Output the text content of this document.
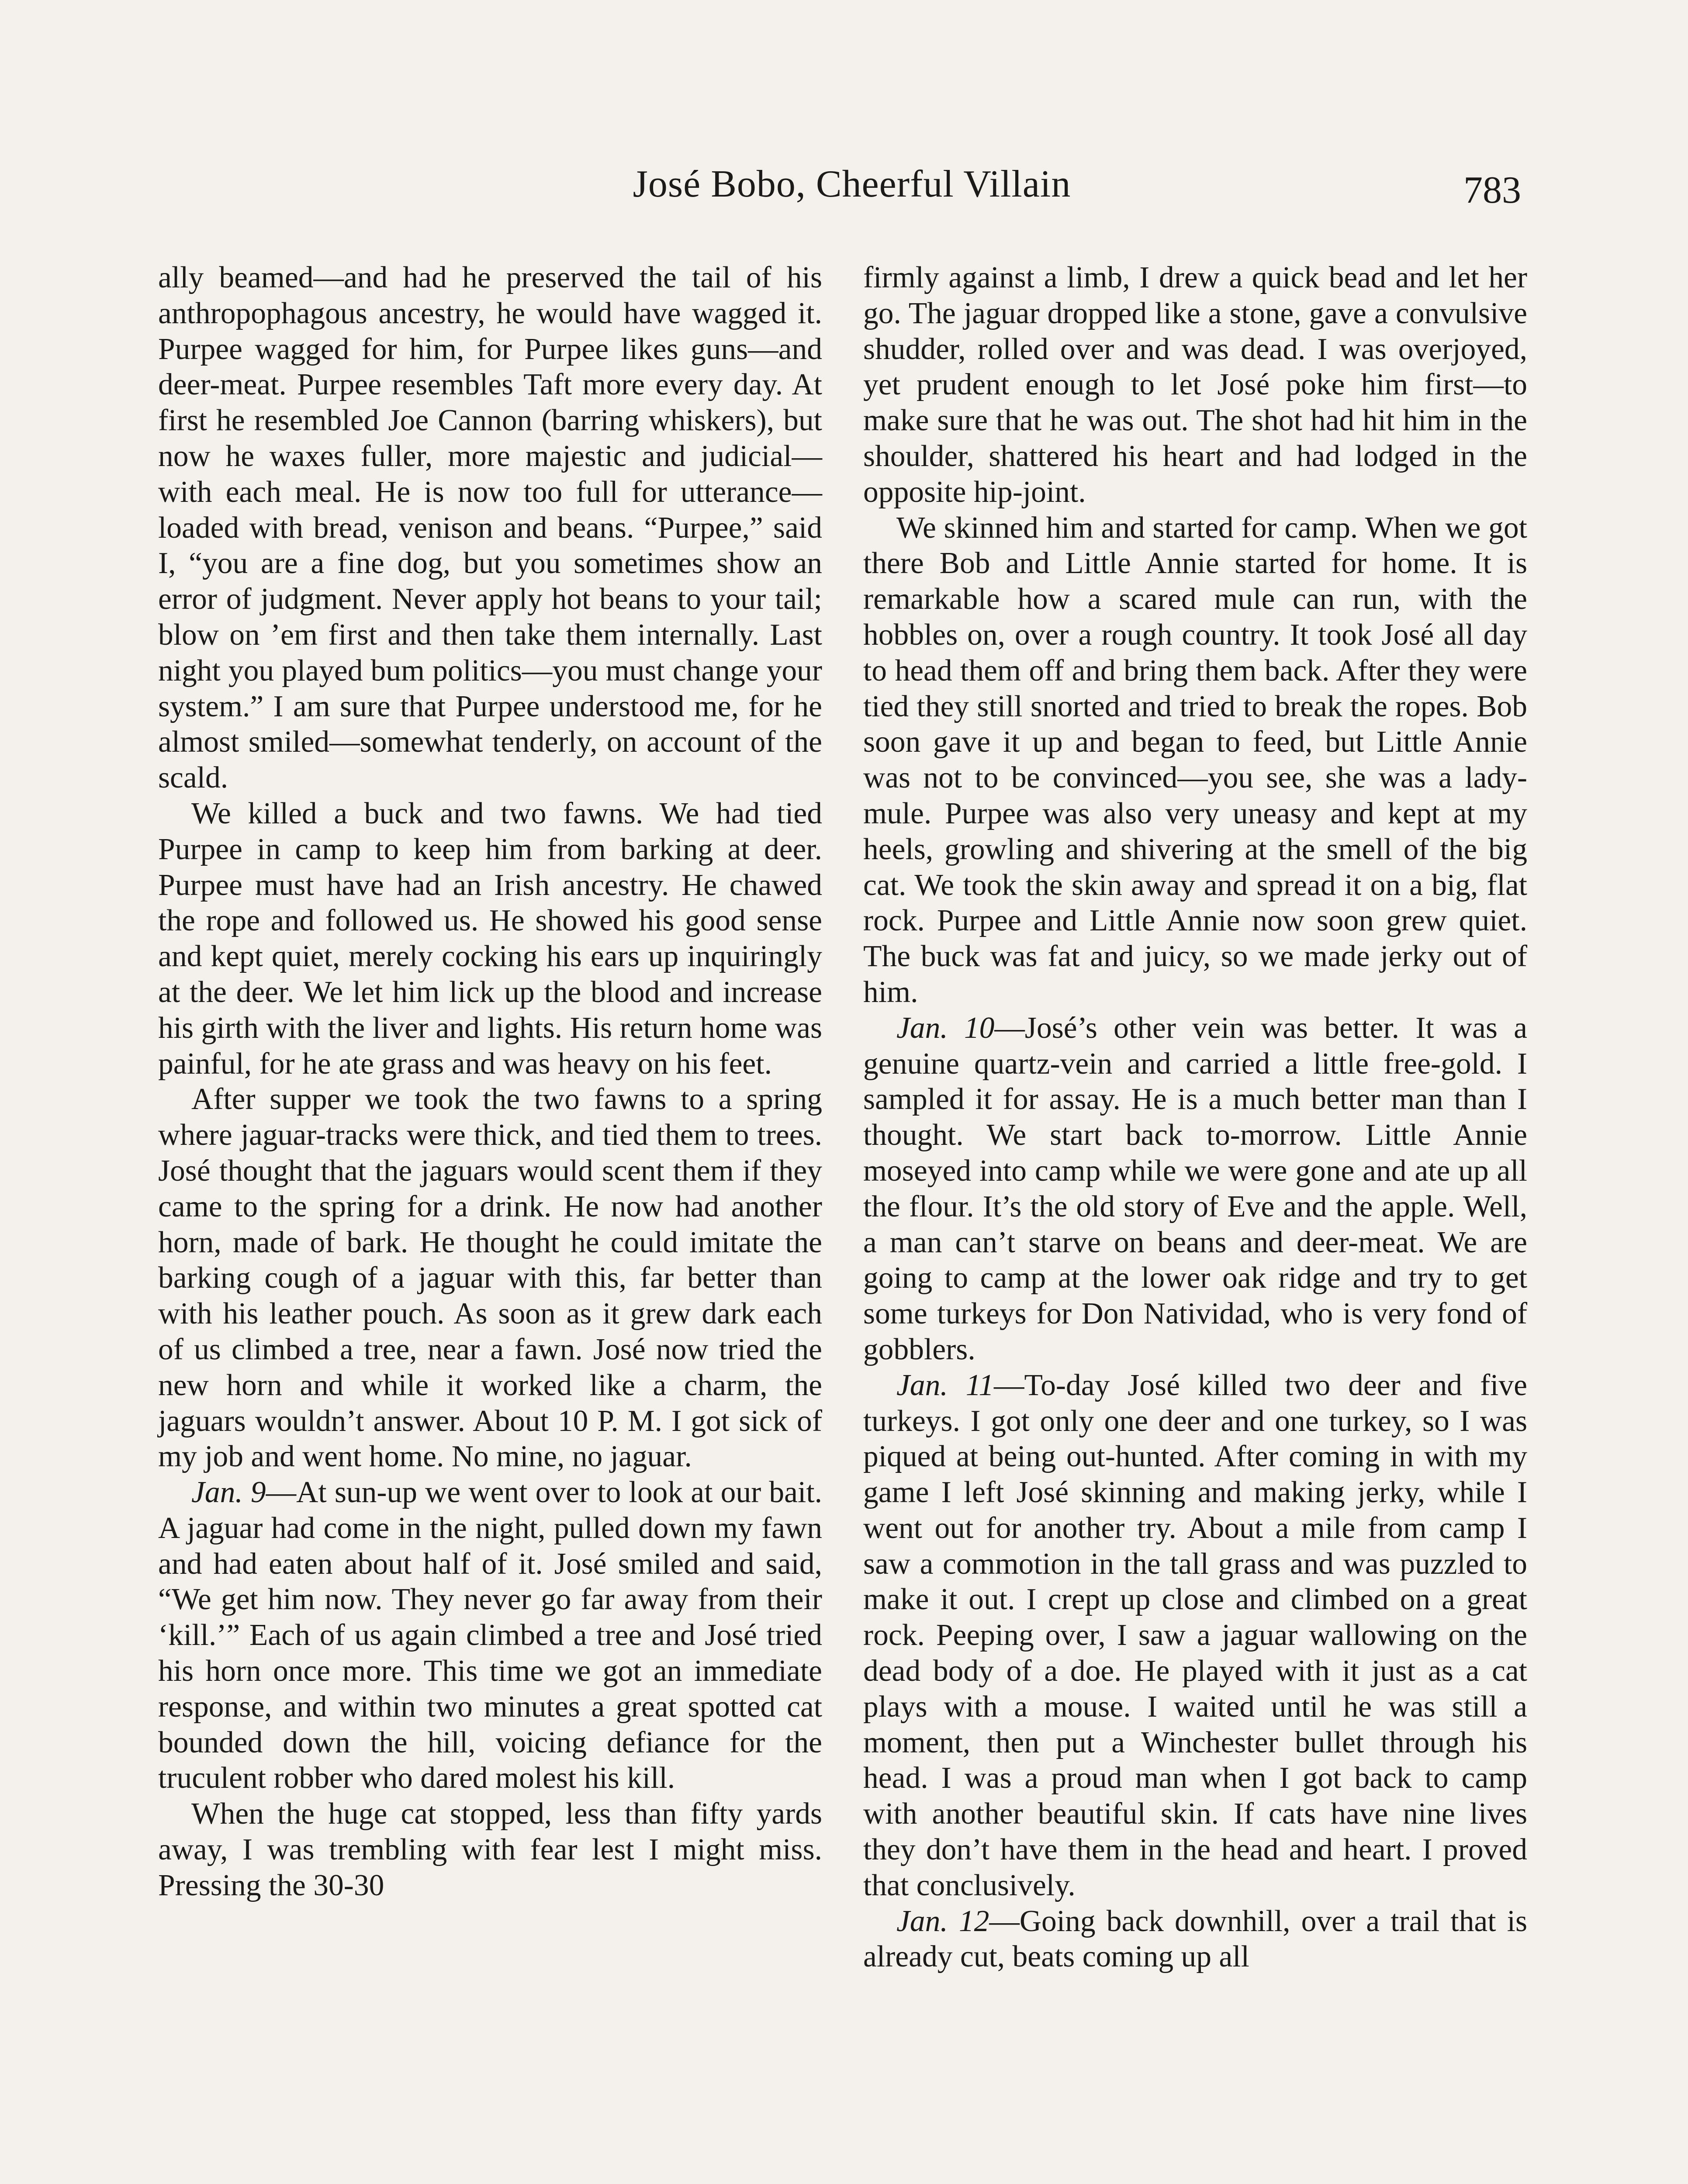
José Bobo, Cheerful Villain	783

ally beamed—and had he preserved the tail of his anthropophagous ancestry, he would have wagged it. Purpee wagged for him, for Purpee likes guns—and deer-meat. Purpee resembles Taft more every day. At first he resembled Joe Cannon (barring whiskers), but now he waxes fuller, more majestic and judicial—with each meal. He is now too full for utterance—loaded with bread, venison and beans. “Purpee,” said I, “you are a fine dog, but you sometimes show an error of judgment. Never apply hot beans to your tail; blow on ’em first and then take them internally. Last night you played bum politics—you must change your system.” I am sure that Purpee understood me, for he almost smiled—somewhat tenderly, on account of the scald.

We killed a buck and two fawns. We had tied Purpee in camp to keep him from barking at deer. Purpee must have had an Irish ancestry. He chawed the rope and followed us. He showed his good sense and kept quiet, merely cocking his ears up inquiringly at the deer. We let him lick up the blood and increase his girth with the liver and lights. His return home was painful, for he ate grass and was heavy on his feet.

After supper we took the two fawns to a spring where jaguar-tracks were thick, and tied them to trees. José thought that the jaguars would scent them if they came to the spring for a drink. He now had another horn, made of bark. He thought he could imitate the barking cough of a jaguar with this, far better than with his leather pouch. As soon as it grew dark each of us climbed a tree, near a fawn. José now tried the new horn and while it worked like a charm, the jaguars wouldn’t answer. About 10 P. M. I got sick of my job and went home. No mine, no jaguar.

Jan. 9—At sun-up we went over to look at our bait. A jaguar had come in the night, pulled down my fawn and had eaten about half of it. José smiled and said, “We get him now. They never go far away from their ‘kill.’” Each of us again climbed a tree and José tried his horn once more. This time we got an immediate response, and within two minutes a great spotted cat bounded down the hill, voicing defiance for the truculent robber who dared molest his kill.

When the huge cat stopped, less than fifty yards away, I was trembling with fear lest I might miss. Pressing the 30-30

firmly against a limb, I drew a quick bead and let her go. The jaguar dropped like a stone, gave a convulsive shudder, rolled over and was dead. I was overjoyed, yet prudent enough to let José poke him first—to make sure that he was out. The shot had hit him in the shoulder, shattered his heart and had lodged in the opposite hip-joint.

We skinned him and started for camp. When we got there Bob and Little Annie started for home. It is remarkable how a scared mule can run, with the hobbles on, over a rough country. It took José all day to head them off and bring them back. After they were tied they still snorted and tried to break the ropes. Bob soon gave it up and began to feed, but Little Annie was not to be convinced—you see, she was a lady-mule. Purpee was also very uneasy and kept at my heels, growling and shivering at the smell of the big cat. We took the skin away and spread it on a big, flat rock. Purpee and Little Annie now soon grew quiet. The buck was fat and juicy, so we made jerky out of him.

Jan. 10—José’s other vein was better. It was a genuine quartz-vein and carried a little free-gold. I sampled it for assay. He is a much better man than I thought. We start back to-morrow. Little Annie moseyed into camp while we were gone and ate up all the flour. It’s the old story of Eve and the apple. Well, a man can’t starve on beans and deer-meat. We are going to camp at the lower oak ridge and try to get some turkeys for Don Natividad, who is very fond of gobblers.

Jan. 11—To-day José killed two deer and five turkeys. I got only one deer and one turkey, so I was piqued at being out-hunted. After coming in with my game I left José skinning and making jerky, while I went out for another try. About a mile from camp I saw a commotion in the tall grass and was puzzled to make it out. I crept up close and climbed on a great rock. Peeping over, I saw a jaguar wallowing on the dead body of a doe. He played with it just as a cat plays with a mouse. I waited until he was still a moment, then put a Winchester bullet through his head. I was a proud man when I got back to camp with another beautiful skin. If cats have nine lives they don’t have them in the head and heart. I proved that conclusively.

Jan. 12—Going back downhill, over a trail that is already cut, beats coming up all
